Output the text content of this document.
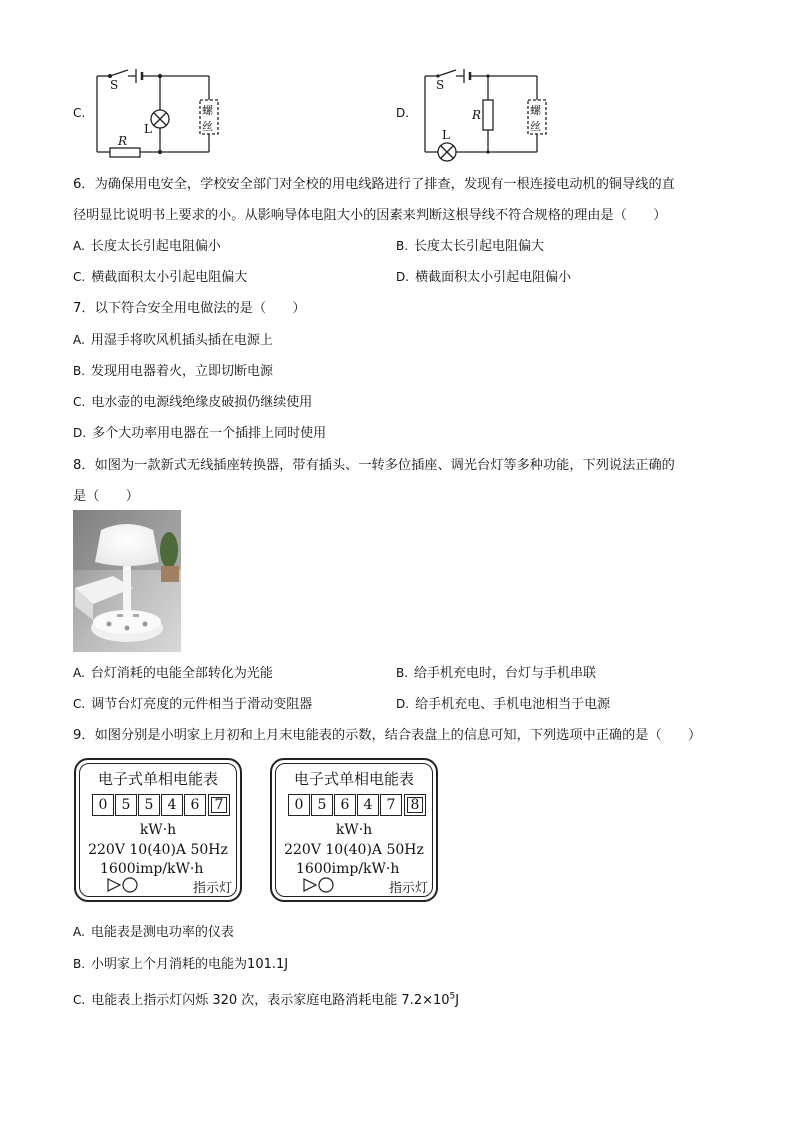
C.
S
L
R
螺
丝
D.
S
R
L
螺
丝
6．为确保用电安全，学校安全部门对全校的用电线路进行了排查，发现有一根连接电动机的铜导线的直
径明显比说明书上要求的小。从影响导体电阻大小的因素来判断这根导线不符合规格的理由是（　　）
A. 长度太长引起电阻偏小	B. 长度太长引起电阻偏大
C. 横截面积太小引起电阻偏大	D. 横截面积太小引起电阻偏小
7．以下符合安全用电做法的是（　　）
A. 用湿手将吹风机插头插在电源上
B. 发现用电器着火，立即切断电源
C. 电水壶的电源线绝缘皮破损仍继续使用
D. 多个大功率用电器在一个插排上同时使用
8．如图为一款新式无线插座转换器，带有插头、一转多位插座、调光台灯等多种功能，下列说法正确的
是（　　）
A. 台灯消耗的电能全部转化为光能	B. 给手机充电时，台灯与手机串联
C. 调节台灯亮度的元件相当于滑动变阻器	D. 给手机充电、手机电池相当于电源
9．如图分别是小明家上月初和上月末电能表的示数，结合表盘上的信息可知，下列选项中正确的是（　　）
电子式单相电能表
0	5	5	4	6	7
kW·h
220V 10(40)A 50Hz
1600imp/kW·h
指示灯
电子式单相电能表
0	5	6	4	7	8
kW·h
220V 10(40)A 50Hz
1600imp/kW·h
指示灯
A. 电能表是测电功率的仪表
B. 小明家上个月消耗的电能为101.1J
C. 电能表上指示灯闪烁 320 次，表示家庭电路消耗电能 $7.2\times 10^5J$
